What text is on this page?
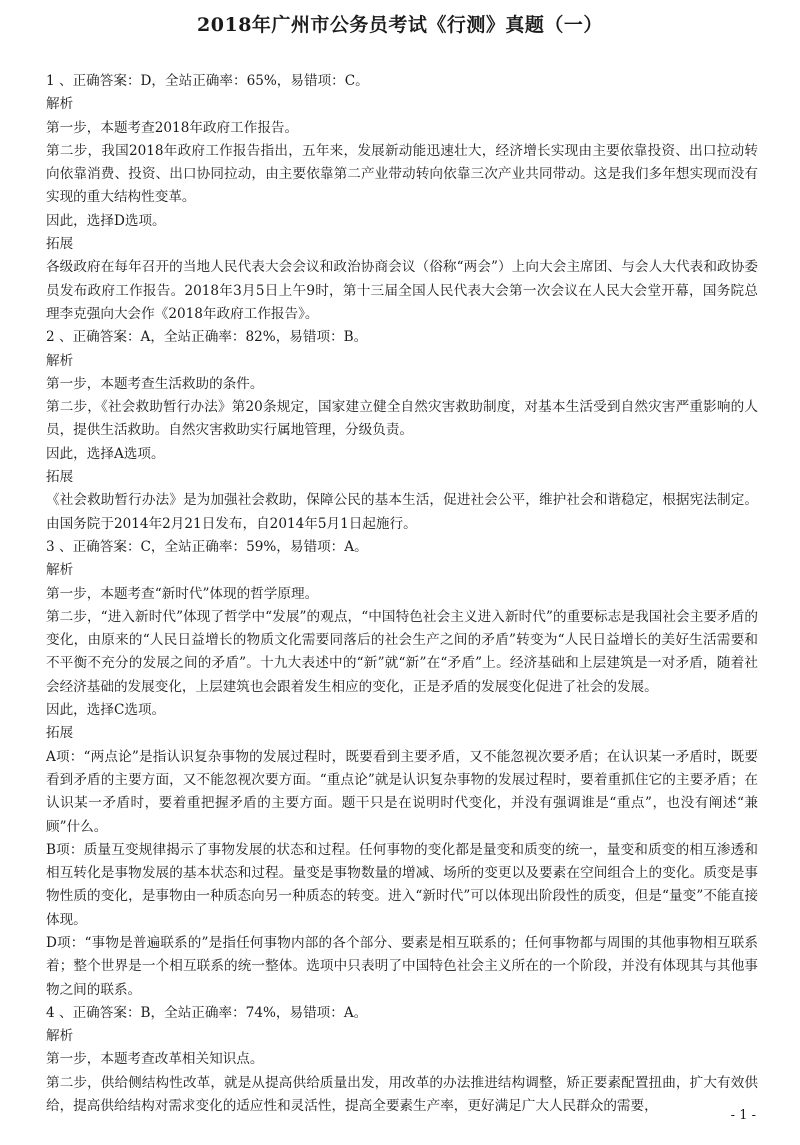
2018年广州市公务员考试《行测》真题（一）

1 、正确答案：D，全站正确率：65%，易错项：C。

解析

第一步，本题考查2018年政府工作报告。

第二步，我国2018年政府工作报告指出，五年来，发展新动能迅速壮大，经济增长实现由主要依靠投资、出口拉动转向依靠消费、投资、出口协同拉动，由主要依靠第二产业带动转向依靠三次产业共同带动。这是我们多年想实现而没有实现的重大结构性变革。

因此，选择D选项。

拓展

各级政府在每年召开的当地人民代表大会会议和政治协商会议（俗称“两会”）上向大会主席团、与会人大代表和政协委员发布政府工作报告。2018年3月5日上午9时，第十三届全国人民代表大会第一次会议在人民大会堂开幕，国务院总理李克强向大会作《2018年政府工作报告》。

2 、正确答案：A，全站正确率：82%，易错项：B。

解析

第一步，本题考查生活救助的条件。

第二步，《社会救助暂行办法》第20条规定，国家建立健全自然灾害救助制度，对基本生活受到自然灾害严重影响的人员，提供生活救助。自然灾害救助实行属地管理，分级负责。

因此，选择A选项。

拓展

《社会救助暂行办法》是为加强社会救助，保障公民的基本生活，促进社会公平，维护社会和谐稳定，根据宪法制定。由国务院于2014年2月21日发布，自2014年5月1日起施行。

3 、正确答案：C，全站正确率：59%，易错项：A。

解析

第一步，本题考查“新时代”体现的哲学原理。

第二步，“进入新时代”体现了哲学中“发展”的观点，“中国特色社会主义进入新时代”的重要标志是我国社会主要矛盾的变化，由原来的“人民日益增长的物质文化需要同落后的社会生产之间的矛盾”转变为“人民日益增长的美好生活需要和不平衡不充分的发展之间的矛盾”。十九大表述中的“新”就“新”在“矛盾”上。经济基础和上层建筑是一对矛盾，随着社会经济基础的发展变化，上层建筑也会跟着发生相应的变化，正是矛盾的发展变化促进了社会的发展。

因此，选择C选项。

拓展

A项：“两点论”是指认识复杂事物的发展过程时，既要看到主要矛盾，又不能忽视次要矛盾；在认识某一矛盾时，既要看到矛盾的主要方面，又不能忽视次要方面。“重点论”就是认识复杂事物的发展过程时，要着重抓住它的主要矛盾；在认识某一矛盾时，要着重把握矛盾的主要方面。题干只是在说明时代变化，并没有强调谁是“重点”，也没有阐述“兼顾”什么。

B项：质量互变规律揭示了事物发展的状态和过程。任何事物的变化都是量变和质变的统一，量变和质变的相互渗透和相互转化是事物发展的基本状态和过程。量变是事物数量的增减、场所的变更以及要素在空间组合上的变化。质变是事物性质的变化，是事物由一种质态向另一种质态的转变。进入“新时代”可以体现出阶段性的质变，但是“量变”不能直接体现。

D项：“事物是普遍联系的”是指任何事物内部的各个部分、要素是相互联系的；任何事物都与周围的其他事物相互联系着；整个世界是一个相互联系的统一整体。选项中只表明了中国特色社会主义所在的一个阶段，并没有体现其与其他事物之间的联系。

4 、正确答案：B，全站正确率：74%，易错项：A。

解析

第一步，本题考查改革相关知识点。

第二步，供给侧结构性改革，就是从提高供给质量出发，用改革的办法推进结构调整，矫正要素配置扭曲，扩大有效供给，提高供给结构对需求变化的适应性和灵活性，提高全要素生产率，更好满足广大人民群众的需要，

- 1 -
